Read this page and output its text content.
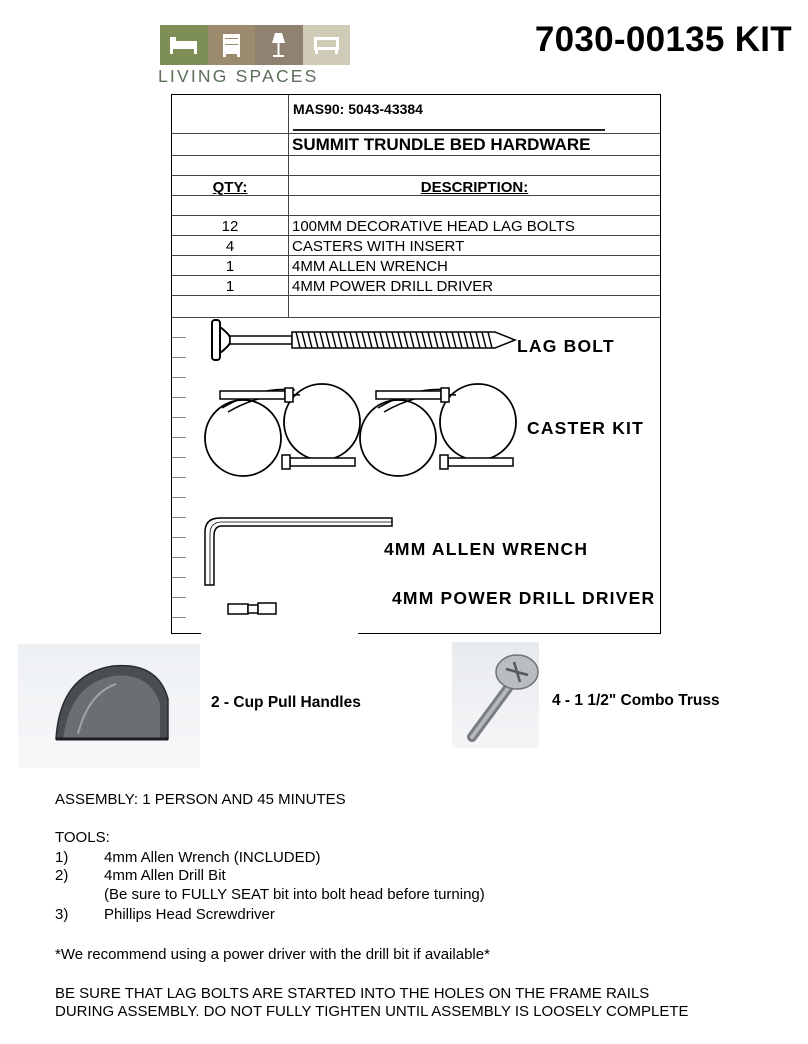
LIVING SPACES
7030-00135 KIT
MAS90: 5043-43384
SUMMIT TRUNDLE BED HARDWARE
QTY:	DESCRIPTION:
12	100MM DECORATIVE HEAD LAG BOLTS
4	CASTERS WITH INSERT
1	4MM ALLEN WRENCH
1	4MM POWER DRILL DRIVER
LAG BOLT
CASTER KIT
4MM ALLEN WRENCH
4MM POWER DRILL DRIVER
2 - Cup Pull Handles	4 - 1 1/2" Combo Truss
ASSEMBLY: 1 PERSON AND 45 MINUTES
TOOLS:
1) 4mm Allen Wrench (INCLUDED)
2) 4mm Allen Drill Bit
(Be sure to FULLY SEAT bit into bolt head before turning)
3) Phillips Head Screwdriver
*We recommend using a power driver with the drill bit if available*
BE SURE THAT LAG BOLTS ARE STARTED INTO THE HOLES ON THE FRAME RAILS
DURING ASSEMBLY. DO NOT FULLY TIGHTEN UNTIL ASSEMBLY IS LOOSELY COMPLETE
